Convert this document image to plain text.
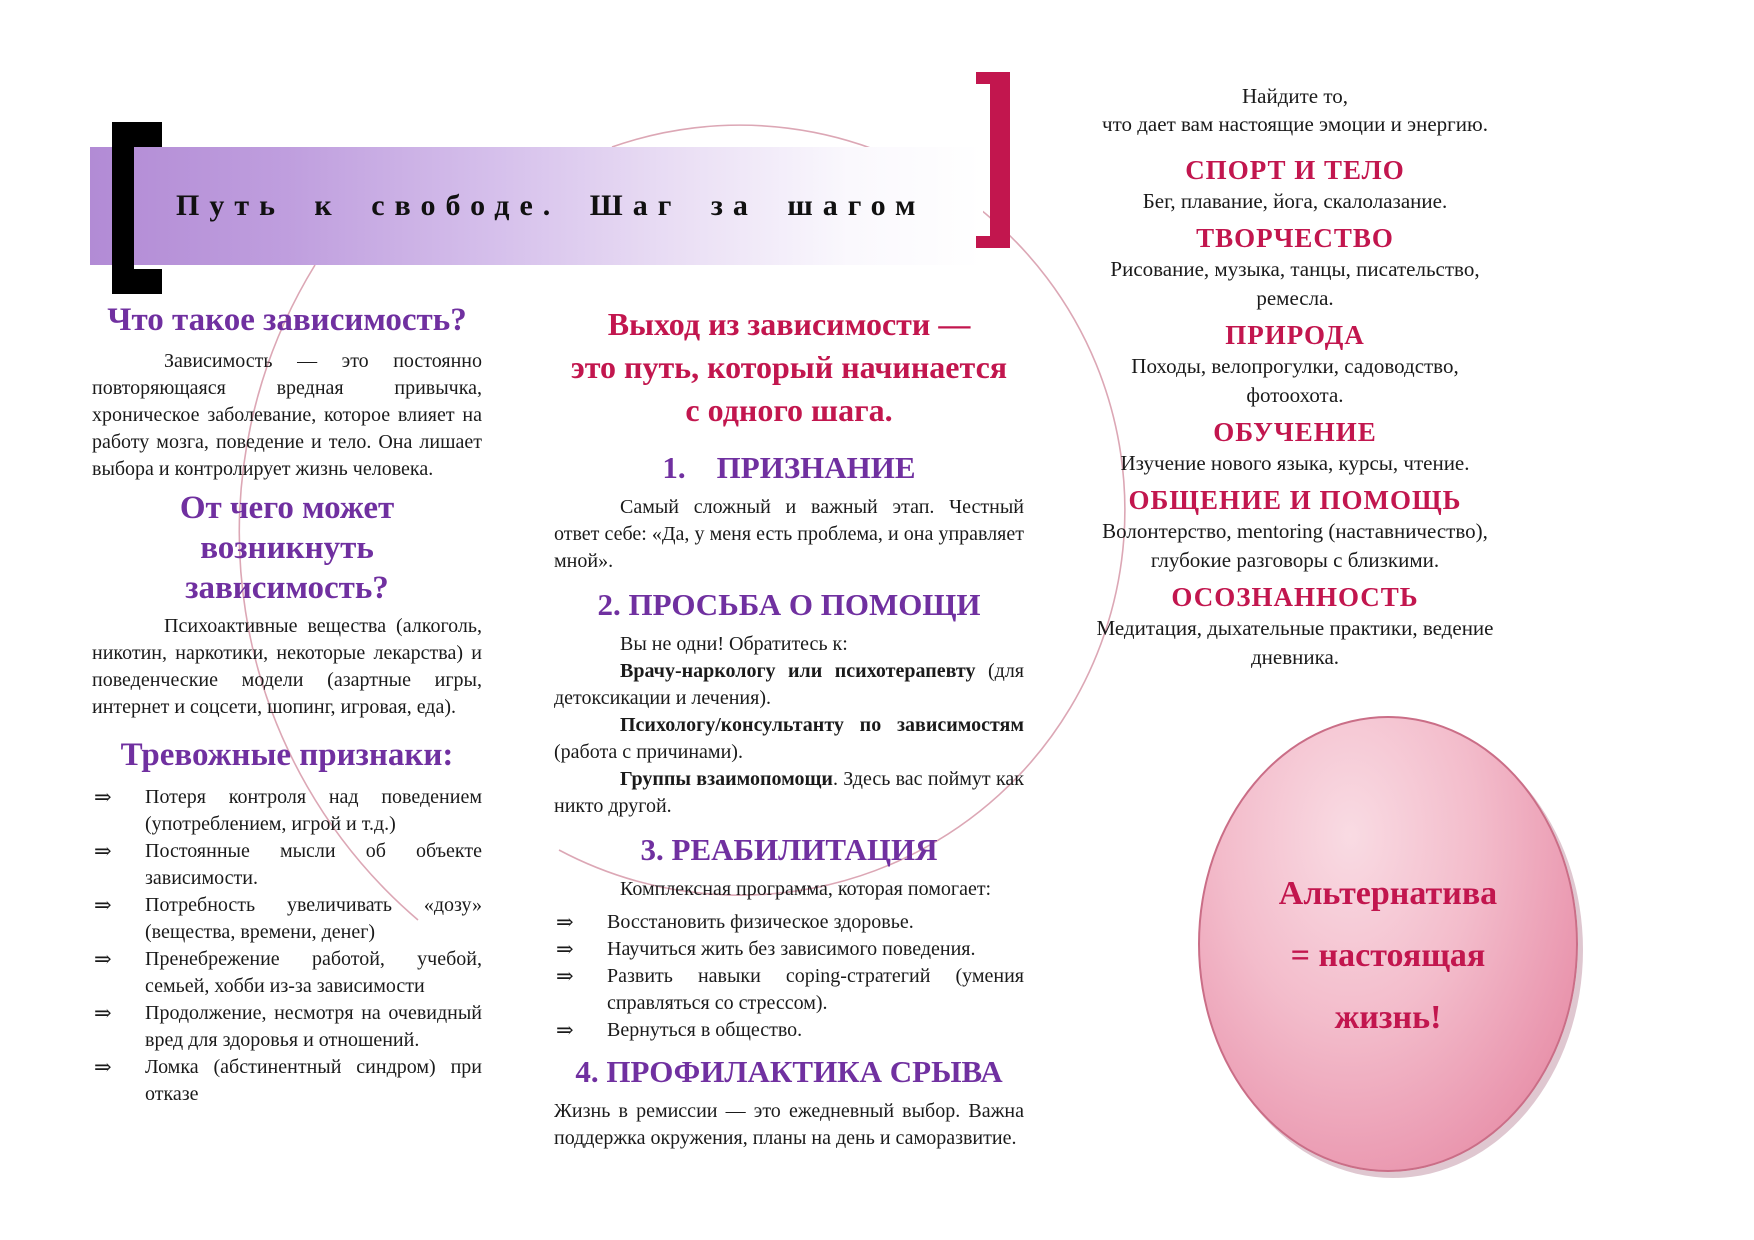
Путь к свободе. Шаг за шагом
Что такое зависимость?

Зависимость — это постоянно повторяющаяся вредная привычка, хроническое заболевание, которое влияет на работу мозга, поведение и тело. Она лишает выбора и контролирует жизнь человека.

От чего может
возникнуть
зависимость?

Психоактивные вещества (алкоголь, никотин, наркотики, некоторые лекарства) и поведенческие модели (азартные игры, интернет и соцсети, шопинг, игровая, еда).

Тревожные признаки:
⇒ Потеря контроля над поведением (употреблением, игрой и т.д.)
⇒ Постоянные мысли об объекте зависимости.
⇒ Потребность увеличивать «дозу» (вещества, времени, денег)
⇒ Пренебрежение работой, учебой, семьей, хобби из-за зависимости
⇒ Продолжение, несмотря на очевидный вред для здоровья и отношений.
⇒ Ломка (абстинентный синдром) при отказе
Выход из зависимости —
это путь, который начинается
с одного шага.
1.    ПРИЗНАНИЕ

Самый сложный и важный этап. Честный ответ себе: «Да, у меня есть проблема, и она управляет мной».

2. ПРОСЬБА О ПОМОЩИ

Вы не одни! Обратитесь к:

Врачу-наркологу или психотерапевту (для детоксикации и лечения).

Психологу/консультанту по зависимостям (работа с причинами).

Группы взаимопомощи. Здесь вас поймут как никто другой.

3. РЕАБИЛИТАЦИЯ

Комплексная программа, которая помогает:

⇒ Восстановить физическое здоровье.
⇒ Научиться жить без зависимого поведения.
⇒ Развить навыки coping-стратегий (умения справляться со стрессом).
⇒ Вернуться в общество.
4. ПРОФИЛАКТИКА СРЫВА

Жизнь в ремиссии — это ежедневный выбор. Важна поддержка окружения, планы на день и саморазвитие.

Найдите то,
что дает вам настоящие эмоции и энергию.
СПОРТ И ТЕЛО
Бег, плавание, йога, скалолазание.
ТВОРЧЕСТВО
Рисование, музыка, танцы, писательство, ремесла.
ПРИРОДА
Походы, велопрогулки, садоводство, фотоохота.
ОБУЧЕНИЕ
Изучение нового языка, курсы, чтение.
ОБЩЕНИЕ И ПОМОЩЬ
Волонтерство, mentoring (наставничество), глубокие разговоры с близкими.
ОСОЗНАННОСТЬ
Медитация, дыхательные практики, ведение дневника.
Альтернатива
= настоящая
жизнь!
